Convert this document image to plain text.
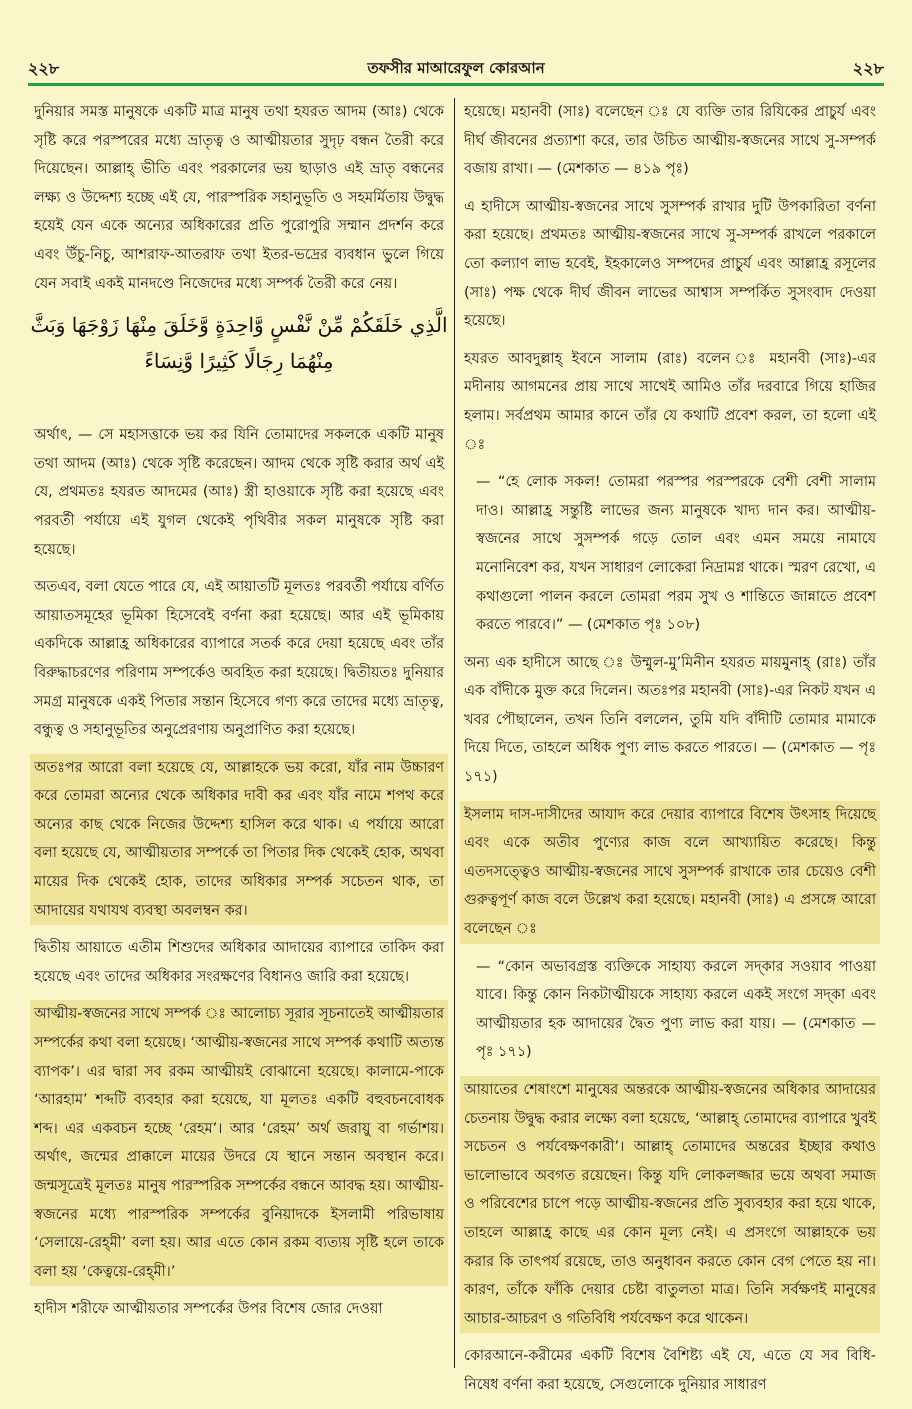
২২৮	তফসীর মাআরেফুল কোরআন	২২৮

দুনিয়ার সমস্ত মানুষকে একটি মাত্র মানুষ তথা হযরত আদম (আঃ) থেকে সৃষ্টি করে পরস্পরের মধ্যে ভ্রাতৃত্ব ও আত্মীয়তার সুদৃঢ় বন্ধন তৈরী করে দিয়েছেন। আল্লাহ্ ভীতি এবং পরকালের ভয় ছাড়াও এই ভ্রাতৃ বন্ধনের লক্ষ্য ও উদ্দেশ্য হচ্ছে এই যে, পারস্পরিক সহানুভূতি ও সহমর্মিতায় উদ্বুদ্ধ হয়েই যেন একে অন্যের অধিকারের প্রতি পুরোপুরি সম্মান প্রদর্শন করে এবং উঁচু-নিচু, আশরাফ-আতরাফ তথা ইতর-ভদ্রের ব্যবধান ভুলে গিয়ে যেন সবাই একই মানদণ্ডে নিজেদের মধ্যে সম্পর্ক তৈরী করে নেয়।

الَّذِي خَلَقَكُمْ مِّنْ نَّفْسٍ وَّاحِدَةٍ وَّخَلَقَ مِنْهَا زَوْجَهَا وَبَثَّ
مِنْهُمَا رِجَالًا كَثِيرًا وَّنِسَاءً

অর্থাৎ, — সে মহাসত্তাকে ভয় কর যিনি তোমাদের সকলকে একটি মানুষ তথা আদম (আঃ) থেকে সৃষ্টি করেছেন। আদম থেকে সৃষ্টি করার অর্থ এই যে, প্রথমতঃ হযরত আদমের (আঃ) স্ত্রী হাওয়াকে সৃষ্টি করা হয়েছে এবং পরবর্তী পর্যায়ে এই যুগল থেকেই পৃথিবীর সকল মানুষকে সৃষ্টি করা হয়েছে।

অতএব, বলা যেতে পারে যে, এই আয়াতটি মূলতঃ পরবর্তী পর্যায়ে বর্ণিত আয়াতসমূহের ভূমিকা হিসেবেই বর্ণনা করা হয়েছে। আর এই ভূমিকায় একদিকে আল্লাহ্র অধিকারের ব্যাপারে সতর্ক করে দেয়া হয়েছে এবং তাঁর বিরুদ্ধাচরণের পরিণাম সম্পর্কেও অবহিত করা হয়েছে। দ্বিতীয়তঃ দুনিয়ার সমগ্র মানুষকে একই পিতার সন্তান হিসেবে গণ্য করে তাদের মধ্যে ভ্রাতৃত্ব, বন্ধুত্ব ও সহানুভূতির অনুপ্রেরণায় অনুপ্রাণিত করা হয়েছে।

অতঃপর আরো বলা হয়েছে যে, আল্লাহকে ভয় করো, যাঁর নাম উচ্চারণ করে তোমরা অন্যের থেকে অধিকার দাবী কর এবং যাঁর নামে শপথ করে অন্যের কাছ থেকে নিজের উদ্দেশ্য হাসিল করে থাক। এ পর্যায়ে আরো বলা হয়েছে যে, আত্মীয়তার সম্পর্কে তা পিতার দিক থেকেই হোক, অথবা মায়ের দিক থেকেই হোক, তাদের অধিকার সম্পর্ক সচেতন থাক, তা আদায়ের যথাযথ ব্যবস্থা অবলম্বন কর।

দ্বিতীয় আয়াতে এতীম শিশুদের অধিকার আদায়ের ব্যাপারে তাকিদ করা হয়েছে এবং তাদের অধিকার সংরক্ষণের বিধানও জারি করা হয়েছে।

আত্মীয়-স্বজনের সাথে সম্পর্ক ঃ আলোচ্য সূরার সূচনাতেই আত্মীয়তার সম্পর্কের কথা বলা হয়েছে। ‘আত্মীয়-স্বজনের সাথে সম্পর্ক কথাটি অত্যন্ত ব্যাপক’। এর দ্বারা সব রকম আত্মীয়ই বোঝানো হয়েছে। কালামে-পাকে ‘আরহাম’ শব্দটি ব্যবহার করা হয়েছে, যা মূলতঃ একটি বহুবচনবোধক শব্দ। এর একবচন হচ্ছে ‘রেহম’। আর ‘রেহম’ অর্থ জরায়ু বা গর্ভাশয়। অর্থাৎ, জন্মের প্রাক্কালে মায়ের উদরে যে স্থানে সন্তান অবস্থান করে। জন্মসূত্রেই মূলতঃ মানুষ পারস্পরিক সম্পর্কের বন্ধনে আবদ্ধ হয়। আত্মীয়-স্বজনের মধ্যে পারস্পরিক সম্পর্কের বুনিয়াদকে ইসলামী পরিভাষায় ‘সেলায়ে-রেহ্‌মী’ বলা হয়। আর এতে কোন রকম ব্যত্যয় সৃষ্টি হলে তাকে বলা হয় ‘কেত্বয়ে-রেহ্‌মী।’

হাদীস শরীফে আত্মীয়তার সম্পর্কের উপর বিশেষ জোর দেওয়া

হয়েছে। মহানবী (সাঃ) বলেছেন ঃ যে ব্যক্তি তার রিযিকের প্রাচুর্য এবং দীর্ঘ জীবনের প্রত্যাশা করে, তার উচিত আত্মীয়-স্বজনের সাথে সু-সম্পর্ক বজায় রাখা। — (মেশকাত — ৪১৯ পৃঃ)

এ হাদীসে আত্মীয়-স্বজনের সাথে সুসম্পর্ক রাখার দুটি উপকারিতা বর্ণনা করা হয়েছে। প্রথমতঃ আত্মীয়-স্বজনের সাথে সু-সম্পর্ক রাখলে পরকালে তো কল্যাণ লাভ হবেই, ইহকালেও সম্পদের প্রাচুর্য এবং আল্লাহ্র রসূলের (সাঃ) পক্ষ থেকে দীর্ঘ জীবন লাভের আশ্বাস সম্পর্কিত সুসংবাদ দেওয়া হয়েছে।

হযরত আবদুল্লাহ্ ইবনে সালাম (রাঃ) বলেন ঃ মহানবী (সাঃ)-এর মদীনায় আগমনের প্রায় সাথে সাথেই আমিও তাঁর দরবারে গিয়ে হাজির হলাম। সর্বপ্রথম আমার কানে তাঁর যে কথাটি প্রবেশ করল, তা হলো এই ঃ

— “হে লোক সকল! তোমরা পরস্পর পরস্পরকে বেশী বেশী সালাম দাও। আল্লাহ্র সন্তুষ্টি লাভের জন্য মানুষকে খাদ্য দান কর। আত্মীয়-স্বজনের সাথে সুসম্পর্ক গড়ে তোল এবং এমন সময়ে নামাযে মনোনিবেশ কর, যখন সাধারণ লোকেরা নিদ্রামগ্ন থাকে। স্মরণ রেখো, এ কথাগুলো পালন করলে তোমরা পরম সুখ ও শান্তিতে জান্নাতে প্রবেশ করতে পারবে।” — (মেশকাত পৃঃ ১০৮)

অন্য এক হাদীসে আছে ঃ উম্মুল-মু’মিনীন হযরত মায়মুনাহ্ (রাঃ) তাঁর এক বাঁদীকে মুক্ত করে দিলেন। অতঃপর মহানবী (সাঃ)-এর নিকট যখন এ খবর পৌছালেন, তখন তিনি বললেন, তুমি যদি বাঁদীটি তোমার মামাকে দিয়ে দিতে, তাহলে অধিক পুণ্য লাভ করতে পারতে। — (মেশকাত — পৃঃ ১৭১)

ইসলাম দাস-দাসীদের আযাদ করে দেয়ার ব্যাপারে বিশেষ উৎসাহ দিয়েছে এবং একে অতীব পুণ্যের কাজ বলে আখ্যায়িত করেছে। কিন্তু এতদসত্ত্বেও আত্মীয়-স্বজনের সাথে সুসম্পর্ক রাখাকে তার চেয়েও বেশী গুরুত্বপূর্ণ কাজ বলে উল্লেখ করা হয়েছে। মহানবী (সাঃ) এ প্রসঙ্গে আরো বলেছেন ঃ

— “কোন অভাবগ্রস্ত ব্যক্তিকে সাহায্য করলে সদ্কার সওয়াব পাওয়া যাবে। কিন্তু কোন নিকটাত্মীয়কে সাহায্য করলে একই সংগে সদ্কা এবং আত্মীয়তার হক আদায়ের দ্বৈত পুণ্য লাভ করা যায়। — (মেশকাত — পৃঃ ১৭১)

আয়াতের শেষাংশে মানুষের অন্তরকে আত্মীয়-স্বজনের অধিকার আদায়ের চেতনায় উদ্বুদ্ধ করার লক্ষ্যে বলা হয়েছে, ‘আল্লাহ্ তোমাদের ব্যাপারে খুবই সচেতন ও পর্যবেক্ষণকারী’। আল্লাহ্ তোমাদের অন্তরের ইচ্ছার কথাও ভালোভাবে অবগত রয়েছেন। কিন্তু যদি লোকলজ্জার ভয়ে অথবা সমাজ ও পরিবেশের চাপে পড়ে আত্মীয়-স্বজনের প্রতি সুব্যবহার করা হয়ে থাকে, তাহলে আল্লাহ্র কাছে এর কোন মূল্য নেই। এ প্রসংগে আল্লাহকে ভয় করার কি তাৎপর্য রয়েছে, তাও অনুধাবন করতে কোন বেগ পেতে হয় না। কারণ, তাঁকে ফাঁকি দেয়ার চেষ্টা বাতুলতা মাত্র। তিনি সর্বক্ষণই মানুষের আচার-আচরণ ও গতিবিধি পর্যবেক্ষণ করে থাকেন।

কোরআনে-করীমের একটি বিশেষ বৈশিষ্ট্য এই যে, এতে যে সব বিধি-নিষেধ বর্ণনা করা হয়েছে, সেগুলোকে দুনিয়ার সাধারণ
